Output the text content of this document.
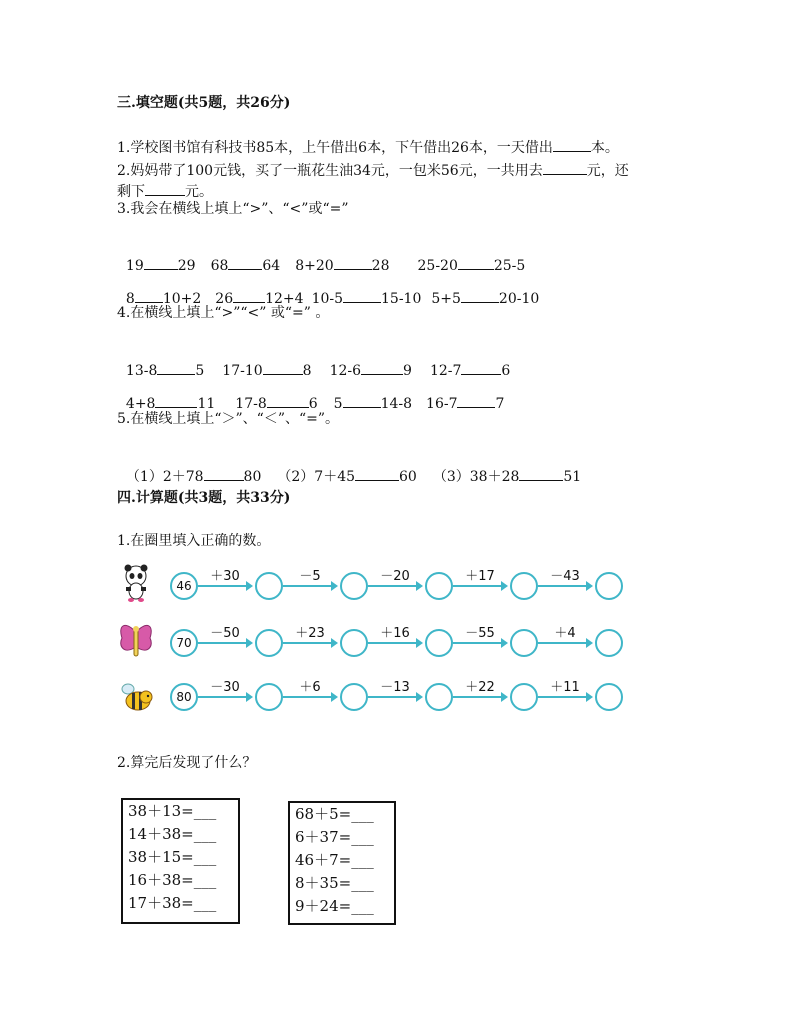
三.填空题(共5题，共26分)
1.学校图书馆有科技书85本，上午借出6本，下午借出26本，一天借出	本。
2.妈妈带了100元钱，买了一瓶花生油34元，一包米56元，一共用去	元，还
剩下	元。
3.我会在横线上填上“>”、“<”或“=”

19 29 68 64 8+20	28 25-20	25-5

8 10+2 26 12+4 10-5	15-10 5+5	20-10

4.在横线上填上“>”“<” 或“=” 。

13-8	5 17-10	8 12-6	9 12-7	6

4+8	11 17-8	6 5	14-8 16-7	7

5.在横线上填上“＞”、“＜”、“=”。

（1）2＋78	80 （2）7＋45	60 （3）38＋28	51

四.计算题(共3题，共33分)
1.在圈里填入正确的数。
46
＋30	－5	－20	＋17	－43
70
－50	＋23	＋16	－55	＋4
80
－30	＋6	－13	＋22	＋11
2.算完后发现了什么？
38＋13=___
14＋38=___
38＋15=___
16＋38=___
17＋38=___
68＋5=___
6＋37=___
46＋7=___
8＋35=___
9＋24=___
